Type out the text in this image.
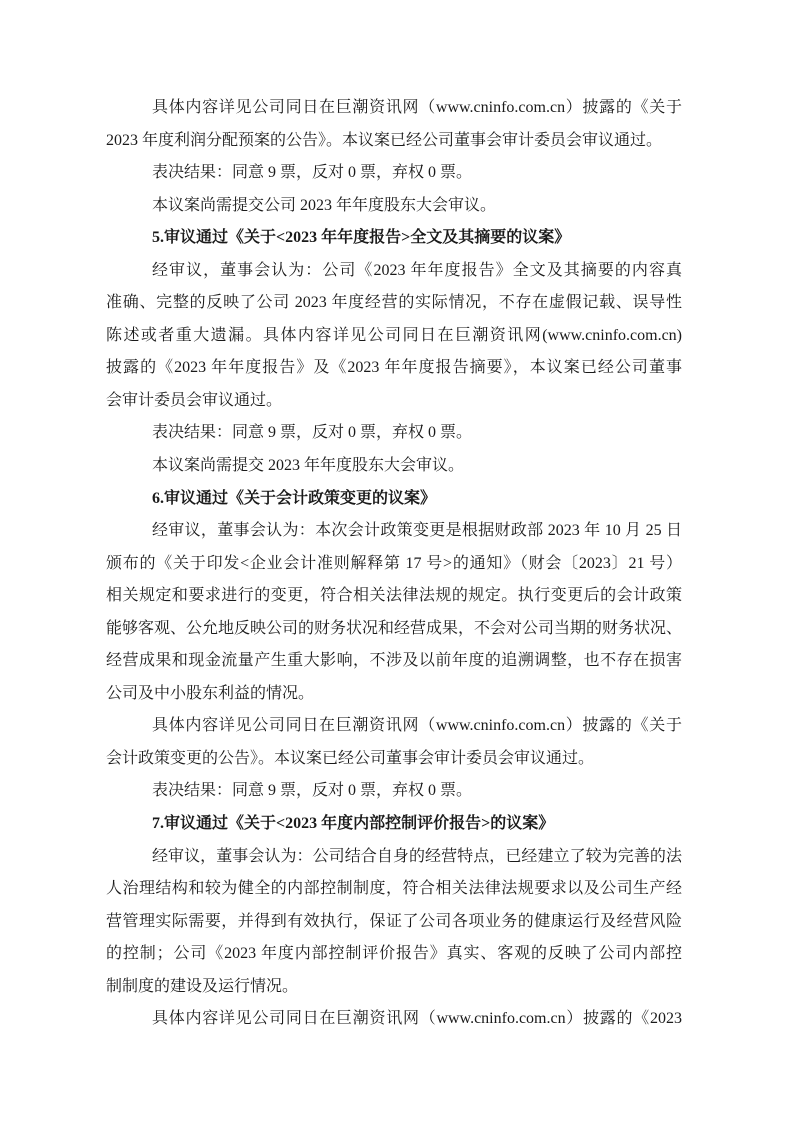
具体内容详见公司同日在巨潮资讯网（www.cninfo.com.cn）披露的《关于
2023 年度利润分配预案的公告》。本议案已经公司董事会审计委员会审议通过。
表决结果：同意 9 票，反对 0 票，弃权 0 票。
本议案尚需提交公司 2023 年年度股东大会审议。
5.审议通过《关于<2023 年年度报告>全文及其摘要的议案》
经审议，董事会认为：公司《2023 年年度报告》全文及其摘要的内容真
准确、完整的反映了公司 2023 年度经营的实际情况，不存在虚假记载、误导性
陈述或者重大遗漏。具体内容详见公司同日在巨潮资讯网(www.cninfo.com.cn)
披露的《2023 年年度报告》及《2023 年年度报告摘要》，本议案已经公司董事
会审计委员会审议通过。
表决结果：同意 9 票，反对 0 票，弃权 0 票。
本议案尚需提交 2023 年年度股东大会审议。
6.审议通过《关于会计政策变更的议案》
经审议，董事会认为：本次会计政策变更是根据财政部 2023 年 10 月 25 日
颁布的《关于印发<企业会计准则解释第 17 号>的通知》（财会〔2023〕21 号）
相关规定和要求进行的变更，符合相关法律法规的规定。执行变更后的会计政策
能够客观、公允地反映公司的财务状况和经营成果，不会对公司当期的财务状况、
经营成果和现金流量产生重大影响，不涉及以前年度的追溯调整，也不存在损害
公司及中小股东利益的情况。
具体内容详见公司同日在巨潮资讯网（www.cninfo.com.cn）披露的《关于
会计政策变更的公告》。本议案已经公司董事会审计委员会审议通过。
表决结果：同意 9 票，反对 0 票，弃权 0 票。
7.审议通过《关于<2023 年度内部控制评价报告>的议案》
经审议，董事会认为：公司结合自身的经营特点，已经建立了较为完善的法
人治理结构和较为健全的内部控制制度，符合相关法律法规要求以及公司生产经
营管理实际需要，并得到有效执行，保证了公司各项业务的健康运行及经营风险
的控制；公司《2023 年度内部控制评价报告》真实、客观的反映了公司内部控
制制度的建设及运行情况。
具体内容详见公司同日在巨潮资讯网（www.cninfo.com.cn）披露的《2023
